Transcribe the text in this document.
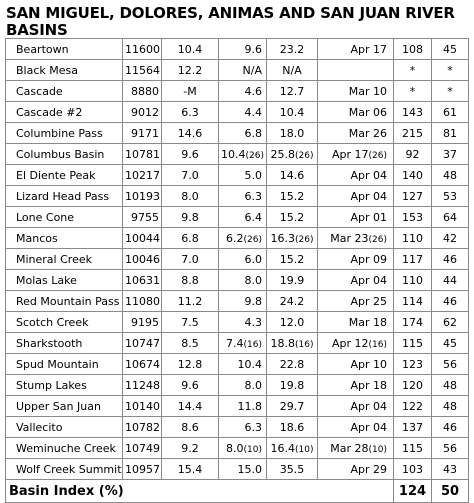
SAN MIGUEL, DOLORES, ANIMAS AND SAN JUAN RIVER
BASINS
Beartown	11600	10.4	9.6	23.2	Apr 17	108	45
Black Mesa	11564	12.2	N/A	N/A		*	*
Cascade	8880	-M	4.6	12.7	Mar 10	*	*
Cascade #2	9012	6.3	4.4	10.4	Mar 06	143	61
Columbine Pass	9171	14.6	6.8	18.0	Mar 26	215	81
Columbus Basin	10781	9.6	10.4(26)	25.8(26)	Apr 17(26)	92	37
El Diente Peak	10217	7.0	5.0	14.6	Apr 04	140	48
Lizard Head Pass	10193	8.0	6.3	15.2	Apr 04	127	53
Lone Cone	9755	9.8	6.4	15.2	Apr 01	153	64
Mancos	10044	6.8	6.2(26)	16.3(26)	Mar 23(26)	110	42
Mineral Creek	10046	7.0	6.0	15.2	Apr 09	117	46
Molas Lake	10631	8.8	8.0	19.9	Apr 04	110	44
Red Mountain Pass	11080	11.2	9.8	24.2	Apr 25	114	46
Scotch Creek	9195	7.5	4.3	12.0	Mar 18	174	62
Sharkstooth	10747	8.5	7.4(16)	18.8(16)	Apr 12(16)	115	45
Spud Mountain	10674	12.8	10.4	22.8	Apr 10	123	56
Stump Lakes	11248	9.6	8.0	19.8	Apr 18	120	48
Upper San Juan	10140	14.4	11.8	29.7	Apr 04	122	48
Vallecito	10782	8.6	6.3	18.6	Apr 04	137	46
Weminuche Creek	10749	9.2	8.0(10)	16.4(10)	Mar 28(10)	115	56
Wolf Creek Summit	10957	15.4	15.0	35.5	Apr 29	103	43
Basin Index (%)						124	50
